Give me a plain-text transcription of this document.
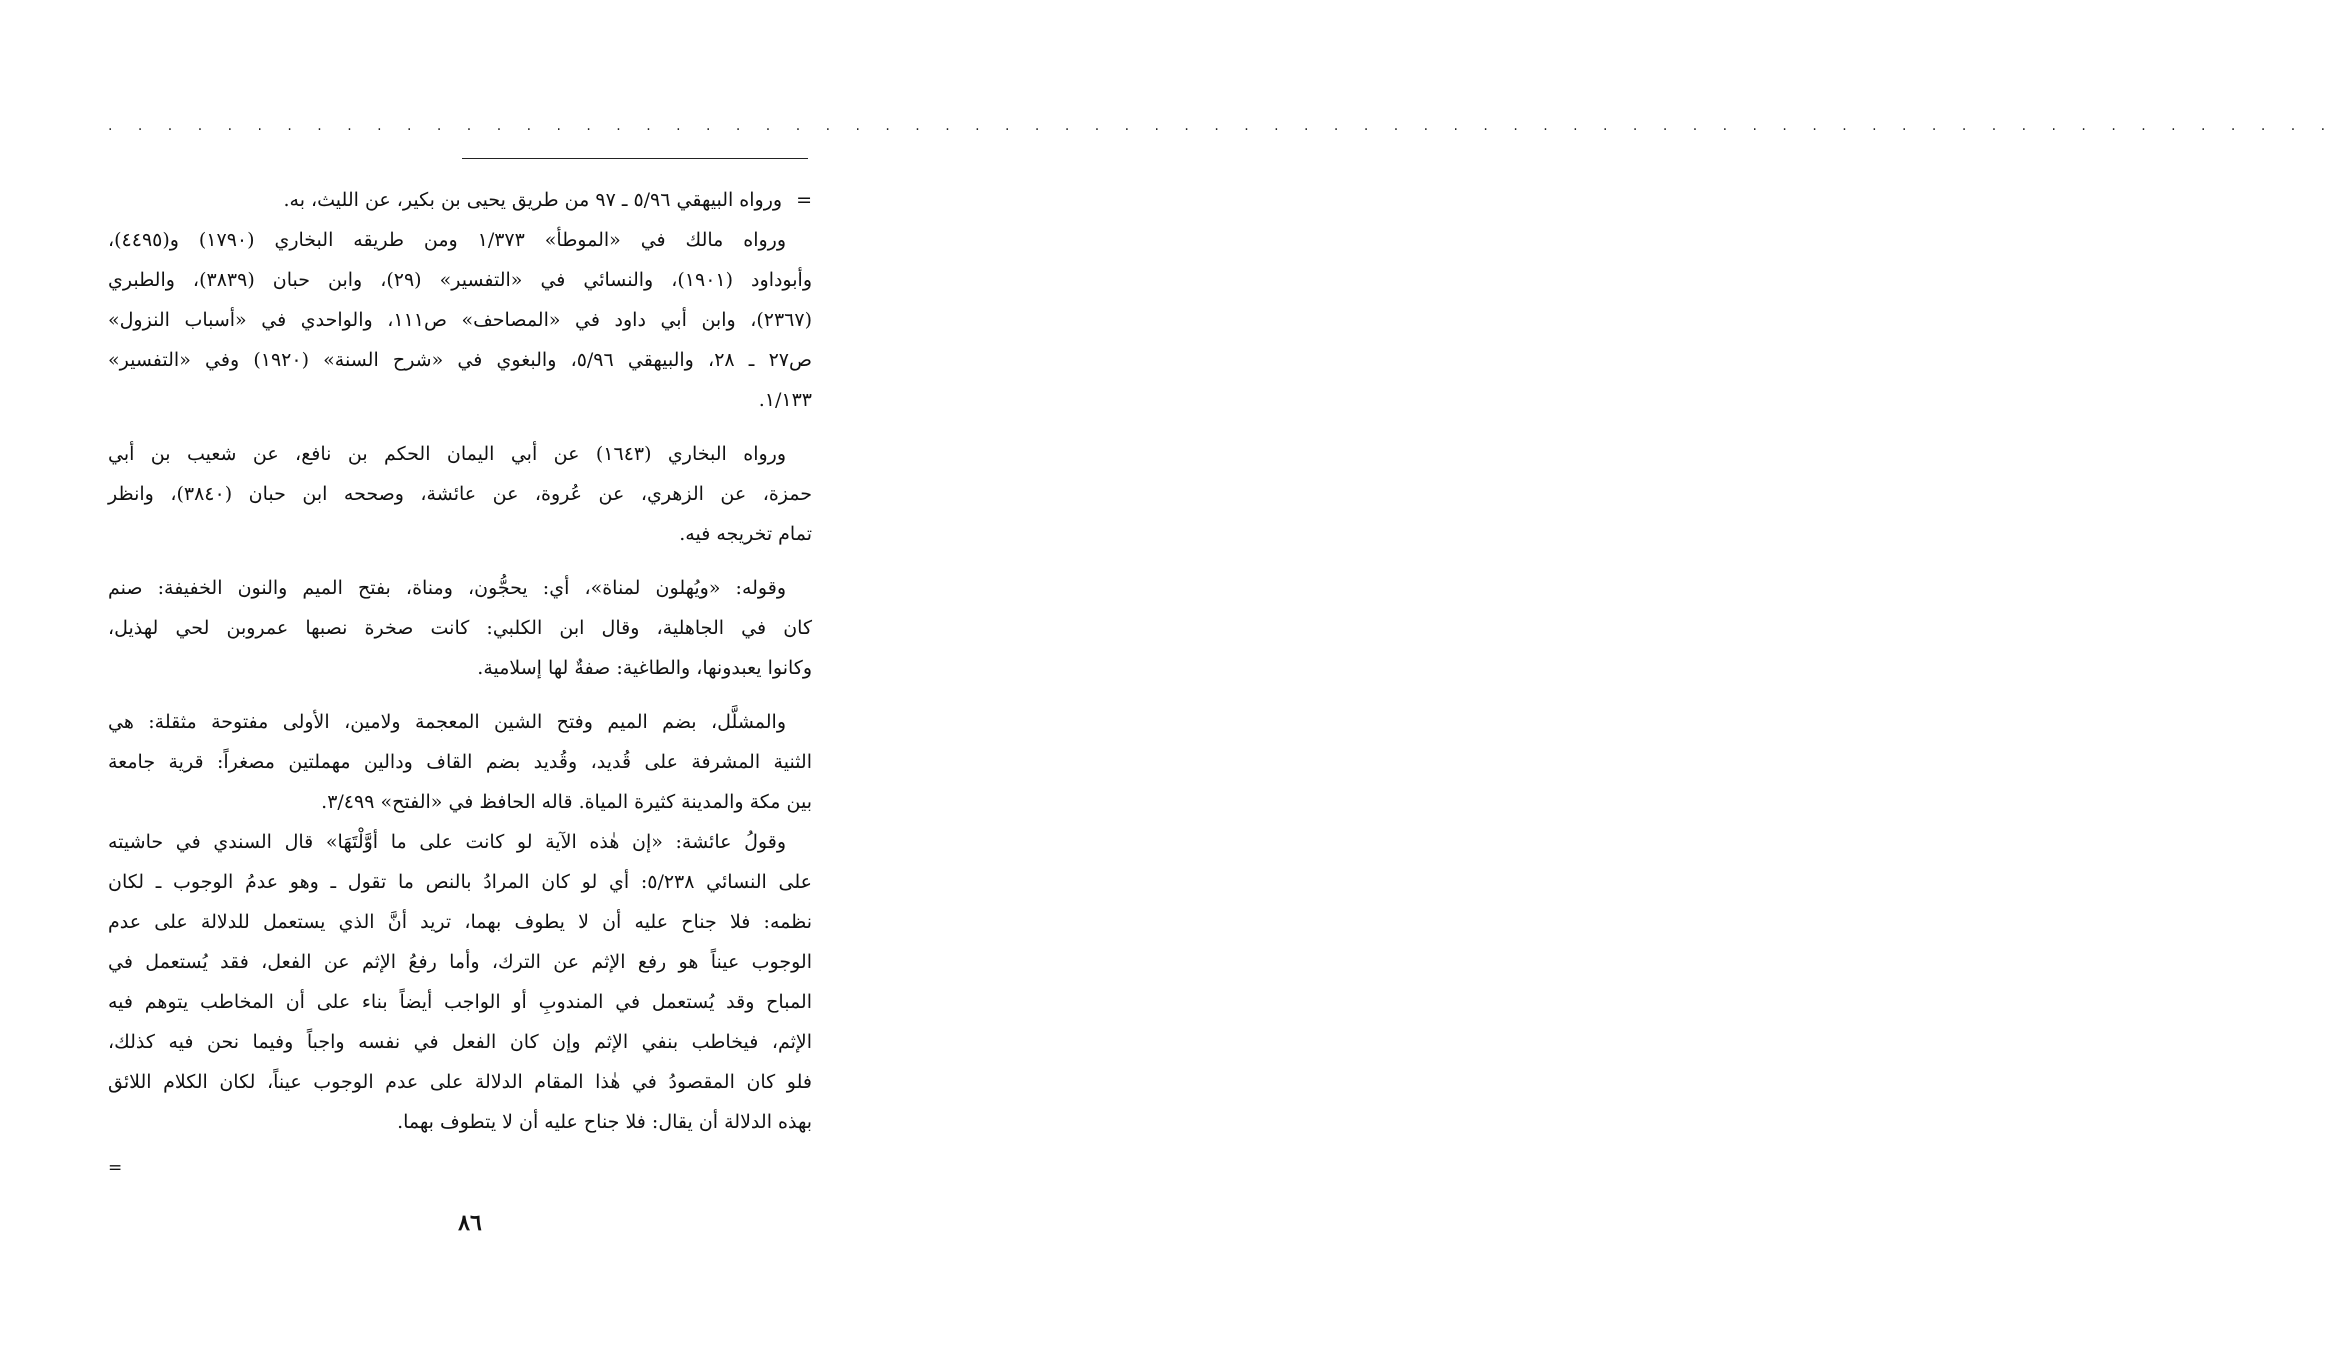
. . . . . . . . . . . . . . . . . . . . . . . . . . . . . . . . . . . . . . . . . . . . . . . . . . . . . . . . . . . . . . . . . . . . . . . . . . .

=ورواه البيهقي ٥/٩٦ ـ ٩٧ من طريق يحيى بن بكير، عن الليث، به.

ورواه مالك في «الموطأ» ١/٣٧٣ ومن طريقه البخاري (١٧٩٠) و(٤٤٩٥)،
وأبوداود (١٩٠١)، والنسائي في «التفسير» (٢٩)، وابن حبان (٣٨٣٩)، والطبري
(٢٣٦٧)، وابن أبي داود في «المصاحف» ص١١١، والواحدي في «أسباب النزول»
ص٢٧ ـ ٢٨، والبيهقي ٥/٩٦، والبغوي في «شرح السنة» (١٩٢٠) وفي «التفسير»
١/١٣٣.
ورواه البخاري (١٦٤٣) عن أبي اليمان الحكم بن نافع، عن شعيب بن أبي
حمزة، عن الزهري، عن عُروة، عن عائشة، وصححه ابن حبان (٣٨٤٠)، وانظر
تمام تخريجه فيه.
وقوله: «ويُهلون لمناة»، أي: يحجُّون، ومناة، بفتح الميم والنون الخفيفة: صنم
كان في الجاهلية، وقال ابن الكلبي: كانت صخرة نصبها عمروبن لحي لهذيل،
وكانوا يعبدونها، والطاغية: صفةٌ لها إسلامية.
والمشلَّل، بضم الميم وفتح الشين المعجمة ولامين، الأولى مفتوحة مثقلة: هي
الثنية المشرفة على قُديد، وقُديد بضم القاف ودالين مهملتين مصغراً: قرية جامعة
بين مكة والمدينة كثيرة المياة. قاله الحافظ في «الفتح» ٣/٤٩٩.
وقولُ عائشة: «إن هٰذه الآية لو كانت على ما أوَّلْتَهَا» قال السندي في حاشيته
على النسائي ٥/٢٣٨: أي لو كان المرادُ بالنص ما تقول ـ وهو عدمُ الوجوب ـ لكان
نظمه: فلا جناح عليه أن لا يطوف بهما، تريد أنَّ الذي يستعمل للدلالة على عدم
الوجوب عيناً هو رفع الإثم عن الترك، وأما رفعُ الإثم عن الفعل، فقد يُستعمل في
المباح وقد يُستعمل في المندوبِ أو الواجب أيضاً بناء على أن المخاطب يتوهم فيه
الإثم، فيخاطب بنفي الإثم وإن كان الفعل في نفسه واجباً وفيما نحن فيه كذلك،
فلو كان المقصودُ في هٰذا المقام الدلالة على عدم الوجوب عيناً، لكان الكلام اللائق
بهذه الدلالة أن يقال: فلا جناح عليه أن لا يتطوف بهما.
=
٨٦
